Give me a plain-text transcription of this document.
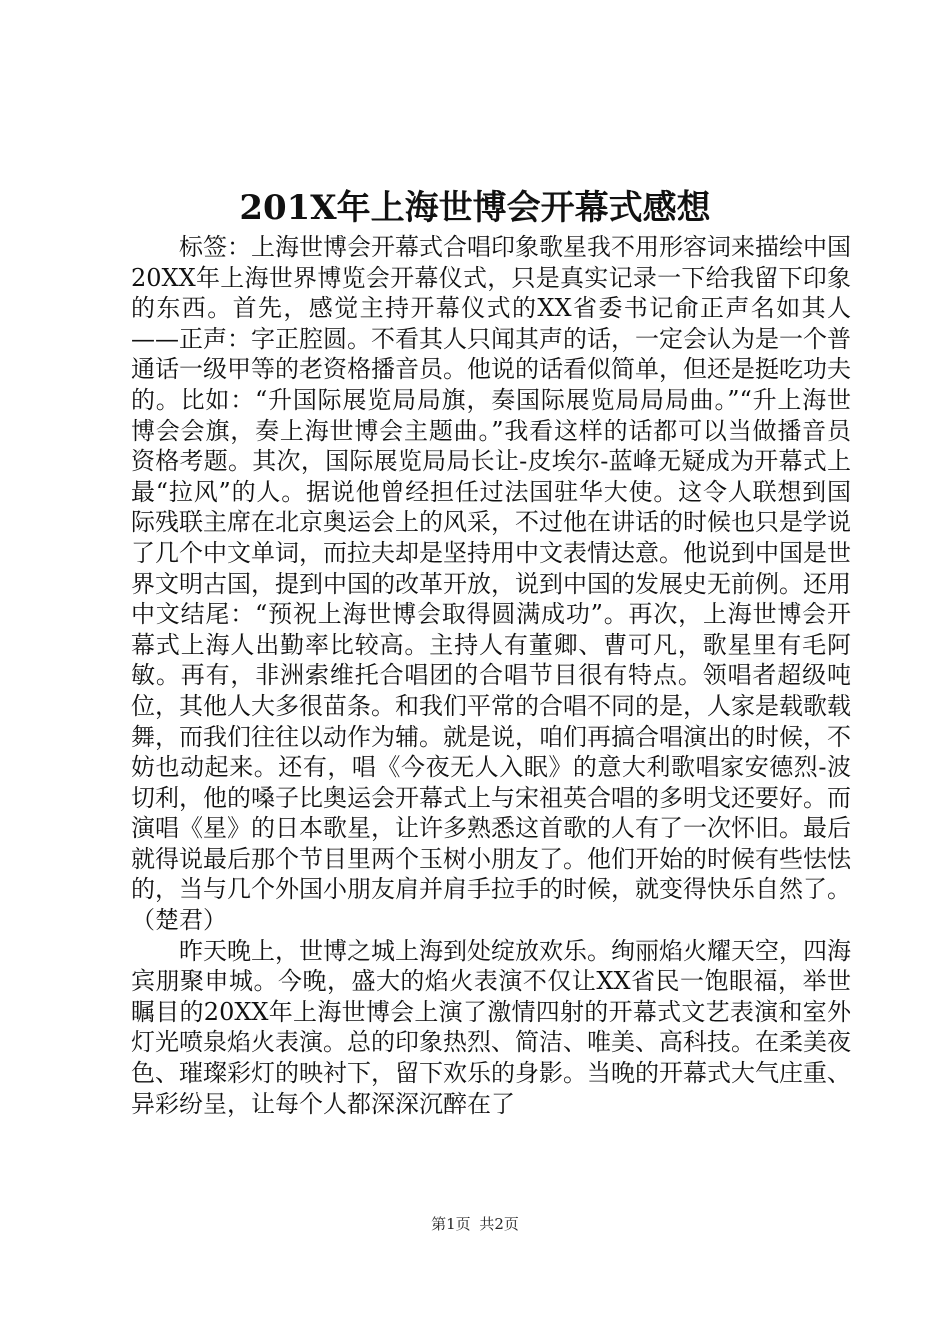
201X年上海世博会开幕式感想

标签：上海世博会开幕式合唱印象歌星我不用形容词来描绘中国20XX年上海世界博览会开幕仪式，只是真实记录一下给我留下印象的东西。首先，感觉主持开幕仪式的XX省委书记俞正声名如其人——正声：字正腔圆。不看其人只闻其声的话，一定会认为是一个普通话一级甲等的老资格播音员。他说的话看似简单，但还是挺吃功夫的。比如：“升国际展览局局旗，奏国际展览局局局曲。”“升上海世博会会旗，奏上海世博会主题曲。”我看这样的话都可以当做播音员资格考题。其次，国际展览局局长让-皮埃尔-蓝峰无疑成为开幕式上最“拉风”的人。据说他曾经担任过法国驻华大使。这令人联想到国际残联主席在北京奥运会上的风采，不过他在讲话的时候也只是学说了几个中文单词，而拉夫却是坚持用中文表情达意。他说到中国是世界文明古国，提到中国的改革开放，说到中国的发展史无前例。还用中文结尾：“预祝上海世博会取得圆满成功”。再次，上海世博会开幕式上海人出勤率比较高。主持人有董卿、曹可凡，歌星里有毛阿敏。再有，非洲索维托合唱团的合唱节目很有特点。领唱者超级吨位，其他人大多很苗条。和我们平常的合唱不同的是，人家是载歌载舞，而我们往往以动作为辅。就是说，咱们再搞合唱演出的时候，不妨也动起来。还有，唱《今夜无人入眠》的意大利歌唱家安德烈-波切利，他的嗓子比奥运会开幕式上与宋祖英合唱的多明戈还要好。而演唱《星》的日本歌星，让许多熟悉这首歌的人有了一次怀旧。最后就得说最后那个节目里两个玉树小朋友了。他们开始的时候有些怯怯的，当与几个外国小朋友肩并肩手拉手的时候，就变得快乐自然了。（楚君）

昨天晚上，世博之城上海到处绽放欢乐。绚丽焰火耀天空，四海宾朋聚申城。今晚，盛大的焰火表演不仅让XX省民一饱眼福，举世瞩目的20XX年上海世博会上演了激情四射的开幕式文艺表演和室外灯光喷泉焰火表演。总的印象热烈、简洁、唯美、高科技。在柔美夜色、璀璨彩灯的映衬下，留下欢乐的身影。当晚的开幕式大气庄重、异彩纷呈，让每个人都深深沉醉在了

第1页 共2页
